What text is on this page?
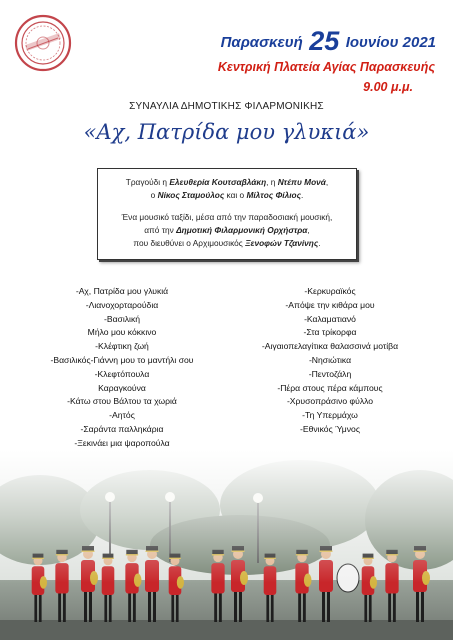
Παρασκευή 25 Ιουνίου 2021
Κεντρική Πλατεία Αγίας Παρασκευής
9.00 μ.μ.
ΣΥΝΑΥΛΙΑ ΔΗΜΟΤΙΚΗΣ ΦΙΛΑΡΜΟΝΙΚΗΣ
«Αχ, Πατρίδα μου γλυκιά»
Τραγούδι η Ελευθερία Κουτσαβλάκη, η Ντέπυ Μονά,
ο Νίκος Σταμούλος και ο Μίλτος Φίλιος.
Ένα μουσικό ταξίδι, μέσα από την παραδοσιακή μουσική,
από την Δημοτική Φιλαρμονική Ορχήστρα,
που διευθύνει ο Αρχιμουσικός Ξενοφών Τζανίνης.
-Αχ, Πατρίδα μου γλυκιά
-Λιανοχορταρούδια
-Βασιλική
Μήλο μου κόκκινο
-Κλέφτικη ζωή
-Βασιλικός-Γιάννη μου το μαντήλι σου
-Κλεφτόπουλα
Καραγκούνα
-Κάτω στου Βάλτου τα χωριά
-Αητός
-Σαράντα παλληκάρια
-Ξεκινάει μια ψαροπούλα
-Κερκυραϊκός
-Απόψε την κιθάρα μου
-Καλαματιανό
-Στα τρίκορφα
-Αιγαιοπελαγίτικα θαλασσινά μοτίβα
-Νησιώτικα
-Πεντοζάλη
-Πέρα στους πέρα κάμπους
-Χρυσοπράσινο φύλλο
-Τη Υπερμάχω
-Εθνικός Ύμνος
